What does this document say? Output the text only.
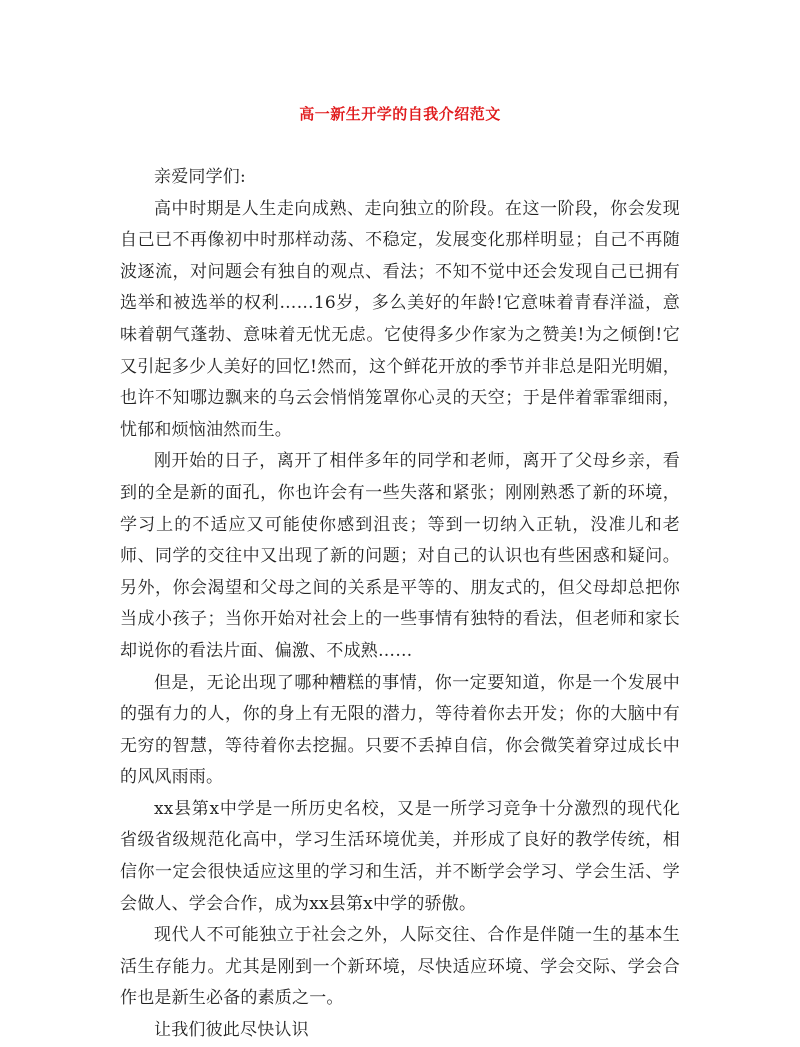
高一新生开学的自我介绍范文

亲爱同学们:

高中时期是人生走向成熟、走向独立的阶段。在这一阶段，你会发现自己已不再像初中时那样动荡、不稳定，发展变化那样明显；自己不再随波逐流，对问题会有独自的观点、看法；不知不觉中还会发现自己已拥有选举和被选举的权利……16岁，多么美好的年龄!它意味着青春洋溢，意味着朝气蓬勃、意味着无忧无虑。它使得多少作家为之赞美!为之倾倒!它又引起多少人美好的回忆!然而，这个鲜花开放的季节并非总是阳光明媚，也许不知哪边飘来的乌云会悄悄笼罩你心灵的天空；于是伴着霏霏细雨，忧郁和烦恼油然而生。

刚开始的日子，离开了相伴多年的同学和老师，离开了父母乡亲，看到的全是新的面孔，你也许会有一些失落和紧张；刚刚熟悉了新的环境，学习上的不适应又可能使你感到沮丧；等到一切纳入正轨，没准儿和老师、同学的交往中又出现了新的问题；对自己的认识也有些困惑和疑问。另外，你会渴望和父母之间的关系是平等的、朋友式的，但父母却总把你当成小孩子；当你开始对社会上的一些事情有独特的看法，但老师和家长却说你的看法片面、偏激、不成熟……

但是，无论出现了哪种糟糕的事情，你一定要知道，你是一个发展中的强有力的人，你的身上有无限的潜力，等待着你去开发；你的大脑中有无穷的智慧，等待着你去挖掘。只要不丢掉自信，你会微笑着穿过成长中的风风雨雨。

xx县第x中学是一所历史名校，又是一所学习竞争十分激烈的现代化省级省级规范化高中，学习生活环境优美，并形成了良好的教学传统，相信你一定会很快适应这里的学习和生活，并不断学会学习、学会生活、学会做人、学会合作，成为xx县第x中学的骄傲。

现代人不可能独立于社会之外，人际交往、合作是伴随一生的基本生活生存能力。尤其是刚到一个新环境，尽快适应环境、学会交际、学会合作也是新生必备的素质之一。

让我们彼此尽快认识
